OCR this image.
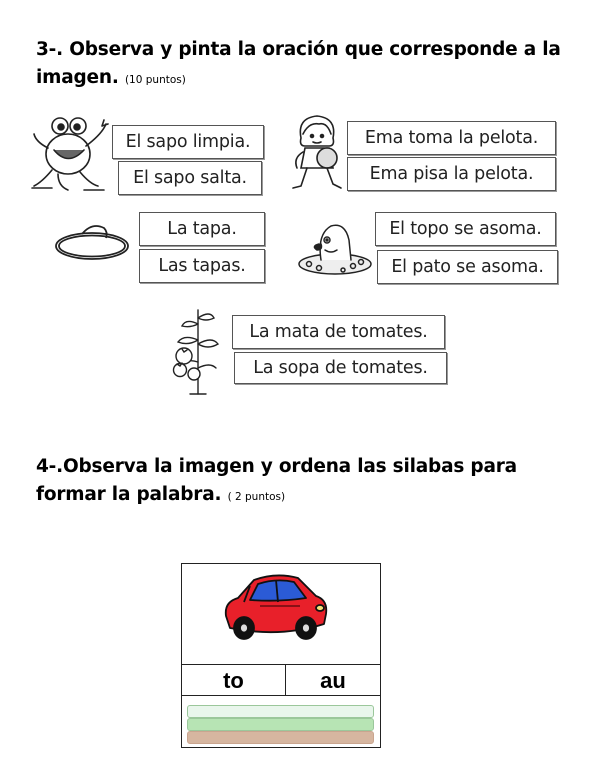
3-. Observa y pinta la oración que corresponde a la imagen. (10 puntos)
El sapo limpia.
El sapo salta.
Ema toma la pelota.
Ema pisa la pelota.
La tapa.
Las tapas.
El topo se asoma.
El pato se asoma.
La mata de tomates.
La sopa de tomates.
4-.Observa la imagen y ordena las silabas para formar la palabra. ( 2 puntos)
to	au
